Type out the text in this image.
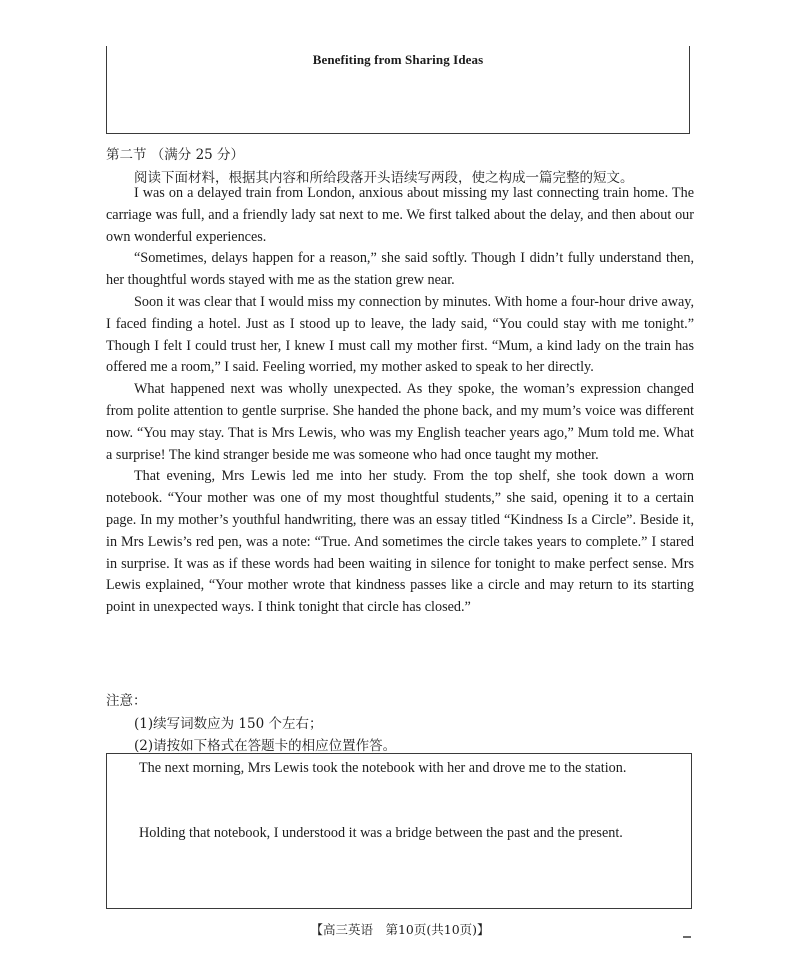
Benefiting from Sharing Ideas
第二节 （满分 25 分）
阅读下面材料，根据其内容和所给段落开头语续写两段，使之构成一篇完整的短文。

I was on a delayed train from London, anxious about missing my last connecting train home. The carriage was full, and a friendly lady sat next to me. We first talked about the delay, and then about our own wonderful experiences.

“Sometimes, delays happen for a reason,” she said softly. Though I didn’t fully understand then, her thoughtful words stayed with me as the station grew near.

Soon it was clear that I would miss my connection by minutes. With home a four-hour drive away, I faced finding a hotel. Just as I stood up to leave, the lady said, “You could stay with me tonight.” Though I felt I could trust her, I knew I must call my mother first. “Mum, a kind lady on the train has offered me a room,” I said. Feeling worried, my mother asked to speak to her directly.

What happened next was wholly unexpected. As they spoke, the woman’s expression changed from polite attention to gentle surprise. She handed the phone back, and my mum’s voice was different now. “You may stay. That is Mrs Lewis, who was my English teacher years ago,” Mum told me. What a surprise! The kind stranger beside me was someone who had once taught my mother.

That evening, Mrs Lewis led me into her study. From the top shelf, she took down a worn notebook. “Your mother was one of my most thoughtful students,” she said, opening it to a certain page. In my mother’s youthful handwriting, there was an essay titled “Kindness Is a Circle”. Beside it, in Mrs Lewis’s red pen, was a note: “True. And sometimes the circle takes years to complete.” I stared in surprise. It was as if these words had been waiting in silence for tonight to make perfect sense. Mrs Lewis explained, “Your mother wrote that kindness passes like a circle and may return to its starting point in unexpected ways. I think tonight that circle has closed.”

注意：
(1)续写词数应为 150 个左右；
(2)请按如下格式在答题卡的相应位置作答。
The next morning, Mrs Lewis took the notebook with her and drove me to the station.
Holding that notebook, I understood it was a bridge between the past and the present.
【高三英语　第10页(共10页)】
